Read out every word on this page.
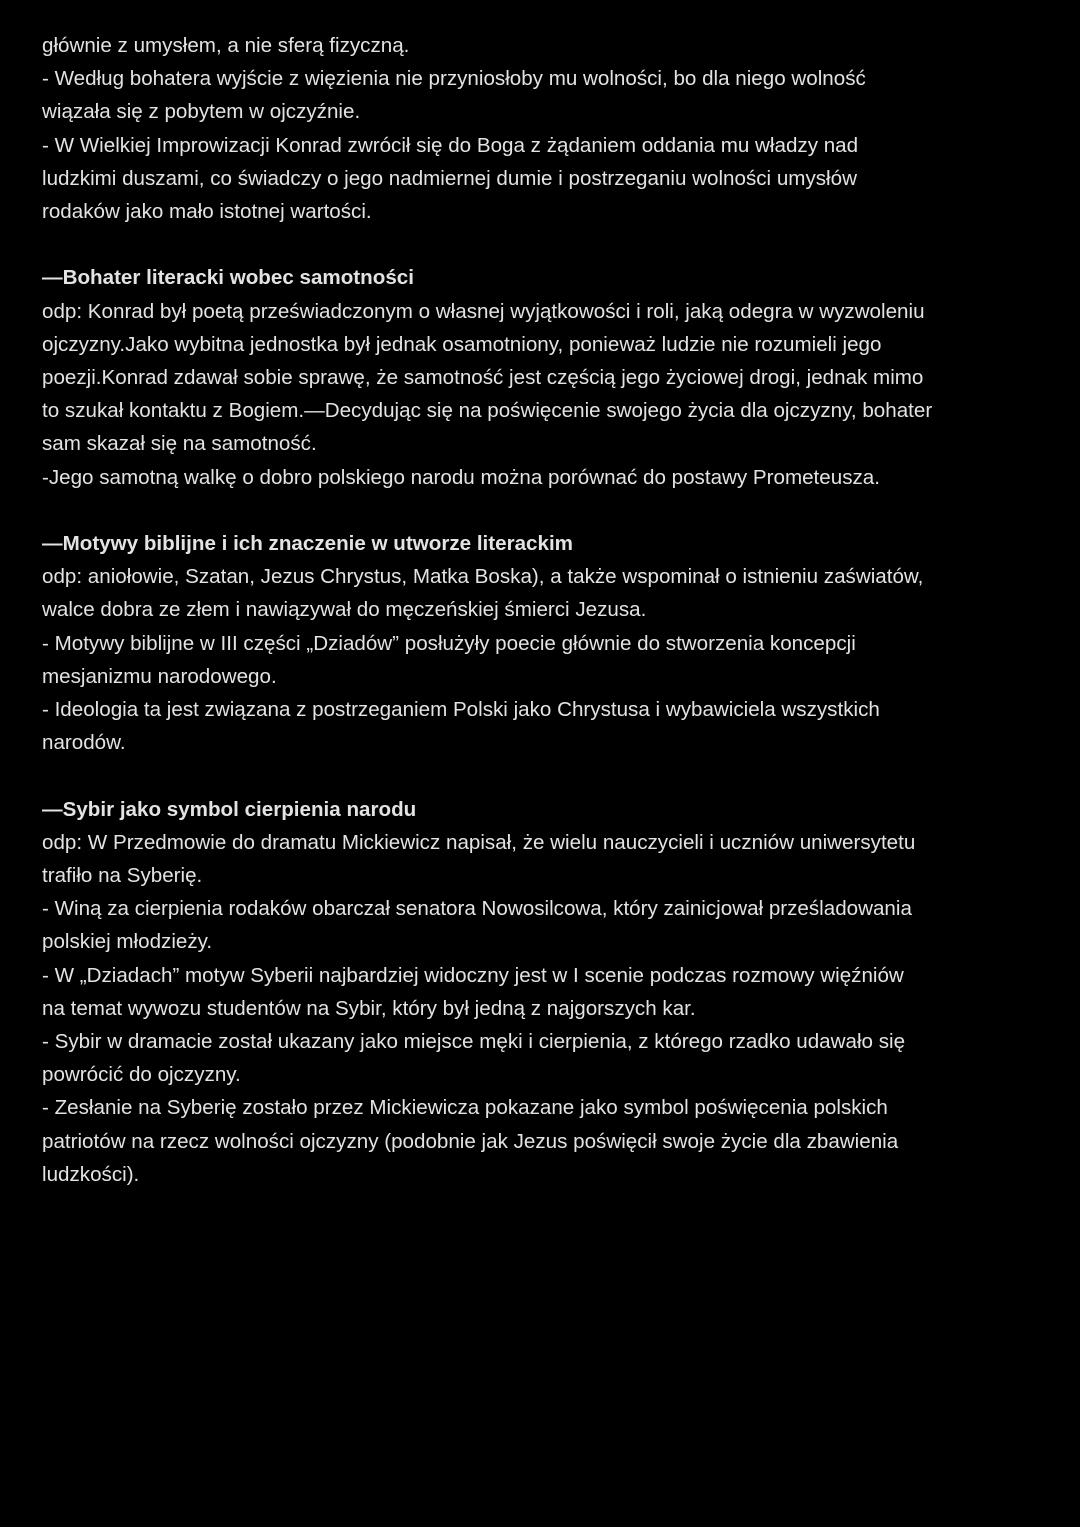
głównie z umysłem, a nie sferą fizyczną.
- Według bohatera wyjście z więzienia nie przyniosłoby mu wolności, bo dla niego wolność
wiązała się z pobytem w ojczyźnie.
- W Wielkiej Improwizacji Konrad zwrócił się do Boga z żądaniem oddania mu władzy nad
ludzkimi duszami, co świadczy o jego nadmiernej dumie i postrzeganiu wolności umysłów
rodaków jako mało istotnej wartości.
—Bohater literacki wobec samotności
odp: Konrad był poetą przeświadczonym o własnej wyjątkowości i roli, jaką odegra w wyzwoleniu
ojczyzny.Jako wybitna jednostka był jednak osamotniony, ponieważ ludzie nie rozumieli jego
poezji.Konrad zdawał sobie sprawę, że samotność jest częścią jego życiowej drogi, jednak mimo
to szukał kontaktu z Bogiem.—Decydując się na poświęcenie swojego życia dla ojczyzny, bohater
sam skazał się na samotność.
-Jego samotną walkę o dobro polskiego narodu można porównać do postawy Prometeusza.
—Motywy biblijne i ich znaczenie w utworze literackim
odp: aniołowie, Szatan, Jezus Chrystus, Matka Boska), a także wspominał o istnieniu zaświatów,
walce dobra ze złem i nawiązywał do męczeńskiej śmierci Jezusa.
- Motywy biblijne w III części „Dziadów” posłużyły poecie głównie do stworzenia koncepcji
mesjanizmu narodowego.
- Ideologia ta jest związana z postrzeganiem Polski jako Chrystusa i wybawiciela wszystkich
narodów.
—Sybir jako symbol cierpienia narodu
odp: W Przedmowie do dramatu Mickiewicz napisał, że wielu nauczycieli i uczniów uniwersytetu
trafiło na Syberię.
- Winą za cierpienia rodaków obarczał senatora Nowosilcowa, który zainicjował prześladowania
polskiej młodzieży.
- W „Dziadach” motyw Syberii najbardziej widoczny jest w I scenie podczas rozmowy więźniów
na temat wywozu studentów na Sybir, który był jedną z najgorszych kar.
- Sybir w dramacie został ukazany jako miejsce męki i cierpienia, z którego rzadko udawało się
powrócić do ojczyzny.
- Zesłanie na Syberię zostało przez Mickiewicza pokazane jako symbol poświęcenia polskich
patriotów na rzecz wolności ojczyzny (podobnie jak Jezus poświęcił swoje życie dla zbawienia
ludzkości).
